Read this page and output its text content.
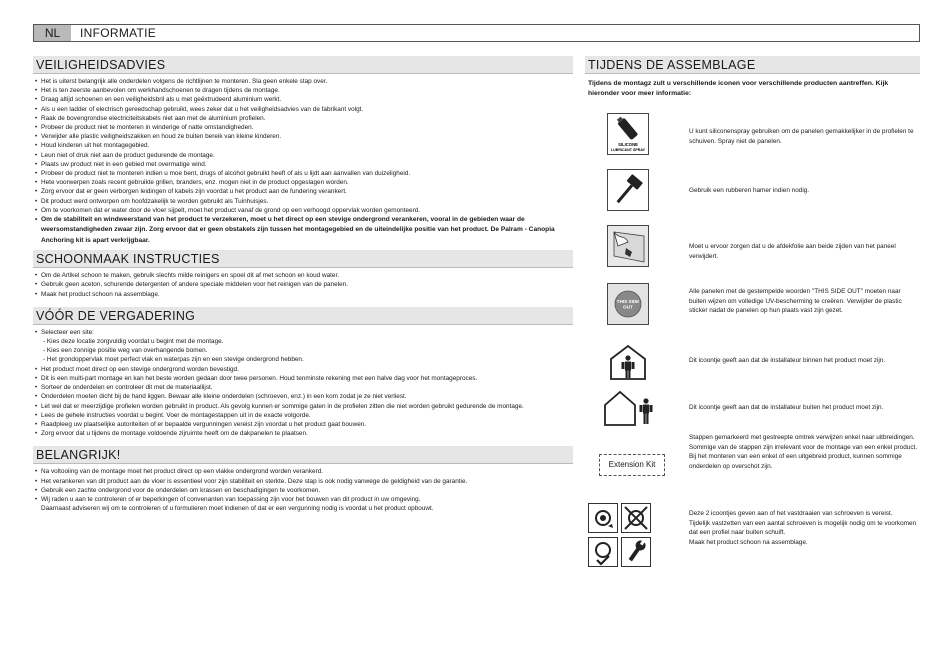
NL	INFORMATIE
VEILIGHEIDSADVIES
• Het is uiterst belangrijk alle onderdelen volgens de richtlijnen te monteren. Sla geen enkele stap over.
• Het is ten zeerste aanbevolen om werkhandschoenen te dragen tijdens de montage.
• Draag altijd schoenen en een veiligheidsbril als u met geëxtrudeerd aluminium werkt.
• Als u een ladder of electrisch gereedschap gebruikt, wees zeker dat u het veiligheidsadvies van de fabrikant volgt.
• Raak de bovengrondse electriciteitskabels niet aan met de aluminium profielen.
• Probeer de product niet te monteren in winderige of natte omstandigheden.
• Verwijder alle plastic veiligheidszakken en houd ze buiten bereik van kleine kinderen.
• Houd kinderen uit het montagegebied.
• Leun niet of druk niet aan de product gedurende de montage.
• Plaats uw product niet in een gebied met overmatige wind.
• Probeer de product niet te monteren indien u moe bent, drugs of alcohol gebruikt heeft of als u lijdt aan aanvallen van duizeligheid.
• Hete voorwerpen zoals recent gebruikte grillen, branders, enz. mogen niet in de product opgeslagen worden.
• Zorg ervoor dat er geen verborgen leidingen of kabels zijn voordat u het product aan de fundering verankert.
• Dit product werd ontworpen om hoofdzakelijk te worden gebruikt als Tuinhuisjes.
• Om te voorkomen dat er water door de vloer sijpelt, moet het product vanaf de grond op een verhoogd oppervlak worden gemonteerd.
• Om de stabiliteit en windweerstand van het product te verzekeren, moet u het direct op een stevige ondergrond verankeren, vooral in de gebieden waar de weersomstandigheden zwaar zijn. Zorg ervoor dat er geen obstakels zijn tussen het montagegebied en de uiteindelijke positie van het product. De Palram - Canopia Anchoring kit is apart verkrijgbaar.
SCHOONMAAK INSTRUCTIES
• Om de Artikel schoon te maken, gebruik slechts milde reinigers en spoel dit af met schoon en koud water.
• Gebruik geen aceton, schurende detergenten of andere speciale middelen voor het reinigen van de panelen.
• Maak het product schoon na assemblage.
VÓÓR DE VERGADERING
• Selecteer een site:
- Kies deze locatie zorgvuldig voordat u begint met de montage.
- Kies een zonnige positie weg van overhangende bomen.
- Het grondoppervlak moet perfect vlak en waterpas zijn en een stevige ondergrond hebben.
• Het product moet direct op een stevige ondergrond worden bevestigd.
• Dit is een multi-part montage en kan het beste worden gedaan door twee personen. Houd tenminste rekening met een halve dag voor het montageproces.
• Sorteer de onderdelen en controleer dit met de materiaallijst.
• Onderdelen moeten dicht bij de hand liggen. Bewaar alle kleine onderdelen (schroeven, enz.) in een kom zodat je ze niet verliest.
• Let wel dat er meerzijdige profielen worden gebruikt in product. Als gevolg kunnen er sommige gaten in de profielen zitten die niet worden gebruikt gedurende de montage.
• Lees de gehele instructies voordat u begint. Voer de montagestappen uit in de exacte volgorde.
• Raadpleeg uw plaatselijke autoriteiten of er bepaalde vergunningen vereist zijn voordat u het product gaat bouwen.
• Zorg ervoor dat u tijdens de montage voldoende zijruimte heeft om de dakpanelen te plaatsen.
BELANGRIJK!
• Na voltooiing van de montage moet het product direct op een vlakke ondergrond worden verankerd.
• Het verankeren van dit product aan de vloer is essentieel voor zijn stabiliteit en sterkte. Deze stap is ook nodig vanwege de geldigheid van de garantie.
• Gebruik een zachte ondergrond voor de onderdelen om krassen en beschadigingen te voorkomen.
• Wij raden u aan te controleren of er beperkingen of convenanten van toepassing zijn voor het bouwen van dit product in uw omgeving.
Daarnaast adviseren wij om te controleren of u formulieren moet indienen of dat er een vergunning nodig is voordat u het product opbouwt.
TIJDENS DE ASSEMBLAGE
Tijdens de montagz zult u verschillende iconen voor verschillende producten aantreffen. Kijk hieronder voor meer informatie:
SILICONE
LUBRICANT SPRAY
U kunt siliconenspray gebruiken om de panelen gemakkelijker in de profielen te schuiven. Spray niet de panelen.
Gebruik een rubberen hamer indien nodig.
Moet u ervoor zorgen dat u de afdekfolie aan beide zijden van het paneel verwijdert.
THIS SIDE
OUT
Alle panelen met de gestempelde woorden "THIS SIDE OUT" moeten naar buiten wijzen om volledige UV-bescherming te creëren. Verwijder de plastic sticker nadat de panelen op hun plaats vast zijn gezet.
Dit icoontje geeft aan dat de installateur binnen het product moet zijn.
Dit icoontje geeft aan dat de installateur buiten het product moet zijn.
Extension Kit
Stappen gemarkeerd met gestreepte omtrek verwijzen enkel naar uitbreidingen.
Sommige van de stappen zijn irrelevant voor de montage van een enkel product.
Bij het monteren van een enkel of een uitgebreid product, kunnen sommige onderdelen op overschot zijn.
Deze 2 icoontjes geven aan of het vastdraaien van schroeven is vereist.
Tijdelijk vastzetten van een aantal schroeven is mogelijk nodig om te voorkomen dat een profiel naar buiten schuift.
Maak het product schoon na assemblage.
